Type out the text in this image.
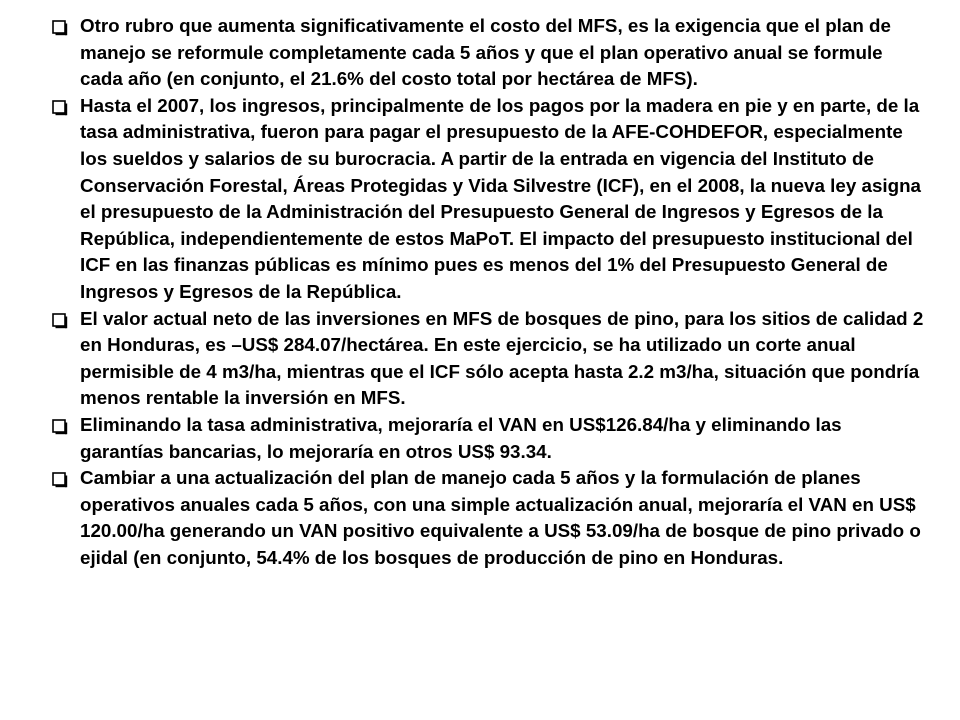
Otro rubro que aumenta significativamente el costo del MFS, es la exigencia que el plan de manejo se reformule completamente cada 5 años y que el plan operativo anual se formule cada año (en conjunto, el 21.6% del costo total por hectárea de MFS).
Hasta el 2007, los ingresos, principalmente de los pagos por la madera en pie y en parte, de la tasa administrativa, fueron para pagar el presupuesto de la AFE-COHDEFOR, especialmente los sueldos y salarios de su burocracia. A partir de la entrada en vigencia del Instituto de Conservación Forestal, Áreas Protegidas y Vida Silvestre (ICF), en el 2008, la nueva ley asigna el presupuesto de la Administración del Presupuesto General de Ingresos y Egresos de la República, independientemente de estos MaPoT. El impacto del presupuesto institucional del ICF en las finanzas públicas es mínimo pues es menos del 1% del Presupuesto General de Ingresos y Egresos de la República.
El valor actual neto de las inversiones en MFS de bosques de pino, para los sitios de calidad 2 en Honduras, es –US$ 284.07/hectárea. En este ejercicio, se ha utilizado un corte anual permisible de 4 m3/ha, mientras que el ICF sólo acepta hasta 2.2 m3/ha, situación que pondría menos rentable la inversión en MFS.
Eliminando la tasa administrativa, mejoraría el VAN en US$126.84/ha y eliminando las garantías bancarias, lo mejoraría en otros US$ 93.34.
Cambiar a una actualización del plan de manejo cada 5 años y la formulación de planes operativos anuales cada 5 años, con una simple actualización anual, mejoraría el VAN en US$ 120.00/ha generando un VAN positivo equivalente a US$ 53.09/ha de bosque de pino privado o ejidal (en conjunto, 54.4% de los bosques de producción de pino en Honduras.
